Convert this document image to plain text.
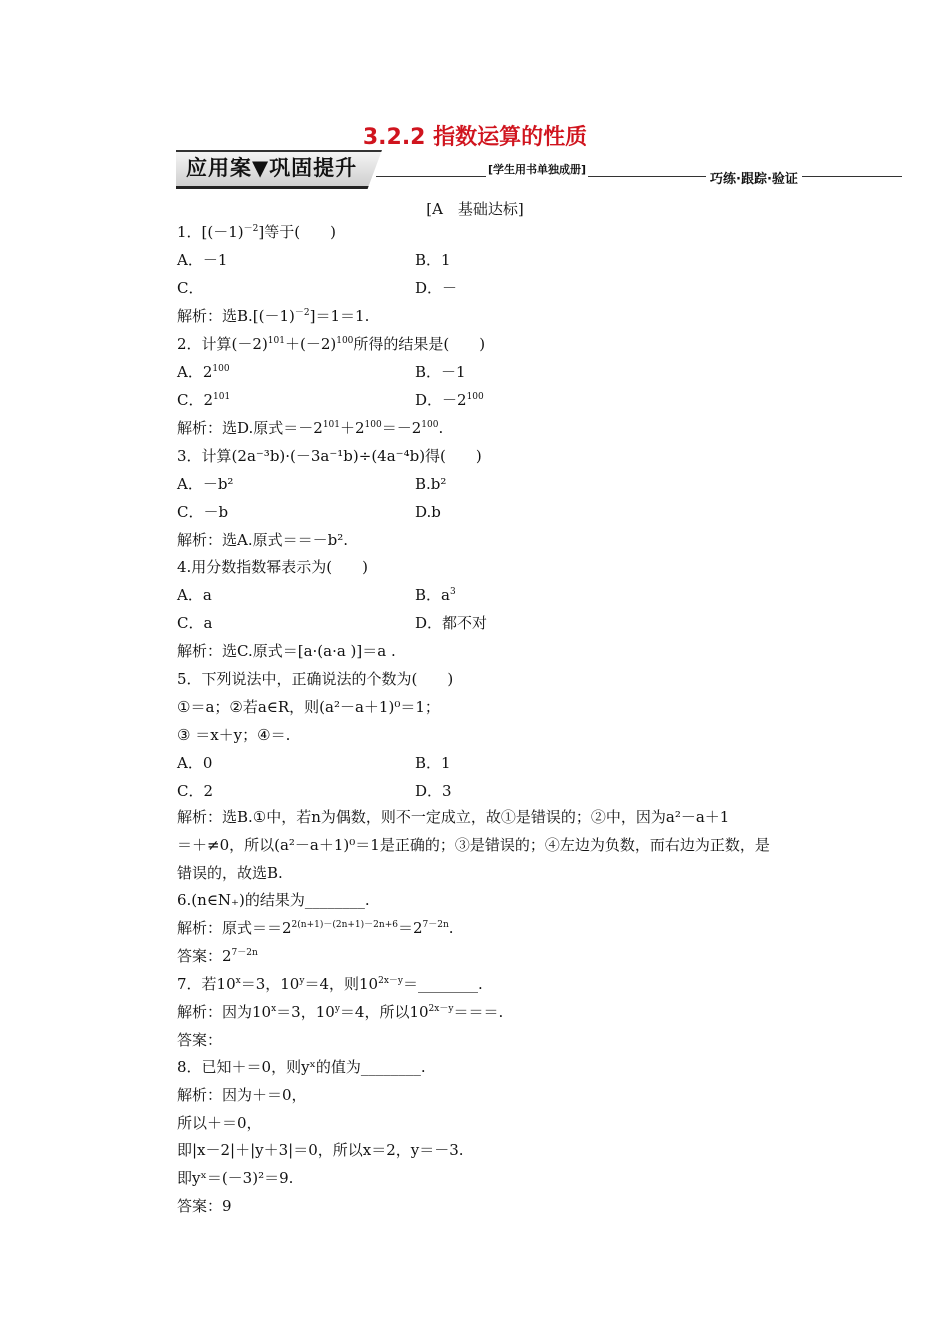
3.2.2 指数运算的性质
应用案▼巩固提升	[学生用书单独成册]
巧练·跟踪·验证
[A　基础达标]
1．$[(-1)^{-2}]$等于(　　)
A．－1	B．1
C．	D．－
解析：选$B.[(-1)^{-2}]=1=1$.
2．计算$(-2)^{101}+(-2)^{100}$所得的结果是(　　)
A．$2^{100}$	B．－1
C．$2^{101}$	D．$-2^{100}$
解析：选D.原式$=-2^{101}+2^{100}=-2^{100}$.
3．计算(2a⁻³b)·(－3a⁻¹b)÷(4a⁻⁴b)得(　　)
A．－b²	B.b²
C．－b	D.b
解析：选A.原式＝＝－b².
4.用分数指数幂表示为(　　)
A．a	B．$a^3$
C．a	D．都不对
解析：选C.原式＝[a·(a·a )]＝a .
5．下列说法中，正确说法的个数为(　　)
①＝a；②若a∈R，则(a²－a＋1)⁰＝1；
③ ＝x＋y；④＝.
A．0	B．1
C．2	D．3
解析：选B.①中，若n为偶数，则不一定成立，故①是错误的；②中，因为a²－a＋1
＝＋≠0，所以(a²－a＋1)⁰＝1是正确的；③是错误的；④左边为负数，而右边为正数，是
错误的，故选B.
6.(n∈N₊)的结果为________.
解析：原式$==2^{2(n+1)-(2n+1)-2n+6}=2^{7-2n}$.
答案：$2^{7-2n}$
7．若$10^x=3$，$10^y=4$，则$10^{2x-y}=\_\_\_\_\_\_\_\_$.
解析：因为$10^x=3$，$10^y=4$，所以$10^{2x-y}===$.
答案：
8．已知＋＝0，则yˣ的值为________.
解析：因为＋＝0，
所以＋＝0，
即|x－2|＋|y＋3|＝0，所以x＝2，y＝－3.
即yˣ＝(－3)²＝9.
答案：9
